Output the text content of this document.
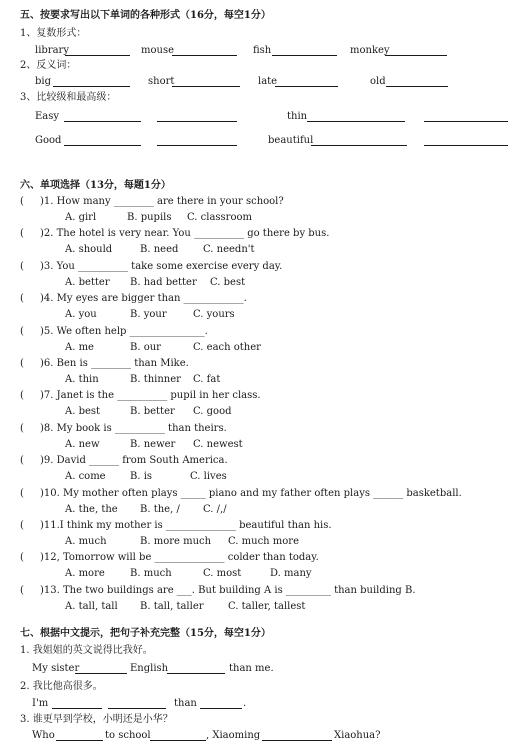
五、按要求写出以下单词的各种形式（16分，每空1分）
1、复数形式：
library	mouse	fish	monkey
2、反义词：
big	short	late	old
3、比较级和最高级：
Easy	thin
Good	beautiful
六、单项选择（13分，每题1分）
( )1. How many ________ are there in your school?
A. girl	B. pupils C. classroom
( )2. The hotel is very near. You __________ go there by bus.
A. should	B. need C. needn't
( )3. You __________ take some exercise every day.
A. better B. had better C. best
( )4. My eyes are bigger than ____________.
A. you	B. your	C. yours
( )5. We often help _______________.
A. me	B. our	C. each other
( )6. Ben is ________ than Mike.
A. thin	B. thinner C. fat
( )7. Janet is the __________ pupil in her class.
A. best	B. better C. good
( )8. My book is __________ than theirs.
A. new	B. newer C. newest
( )9. David ______ from South America.
A. come B. is	C. lives
( )10. My mother often plays _____ piano and my father often plays ______ basketball.
A. the, the B. the, / C. /,/
( )11.I think my mother is ______________ beautiful than his.
A. much	B. more much C. much more
( )12, Tomorrow will be ______________ colder than today.
A. more	B. much	C. most	D. many
( )13. The two buildings are ___. But building A is _________ than building B.
A. tall, tall B. tall, taller C. taller, tallest
七、根据中文提示，把句子补充完整（15分，每空1分）
1. 我姐姐的英文说得比我好。
My sister	English	than me.
2. 我比他高很多。
I'm	than	.
3. 谁更早到学校，小明还是小华？
Who	to school	, Xiaoming	Xiaohua?
